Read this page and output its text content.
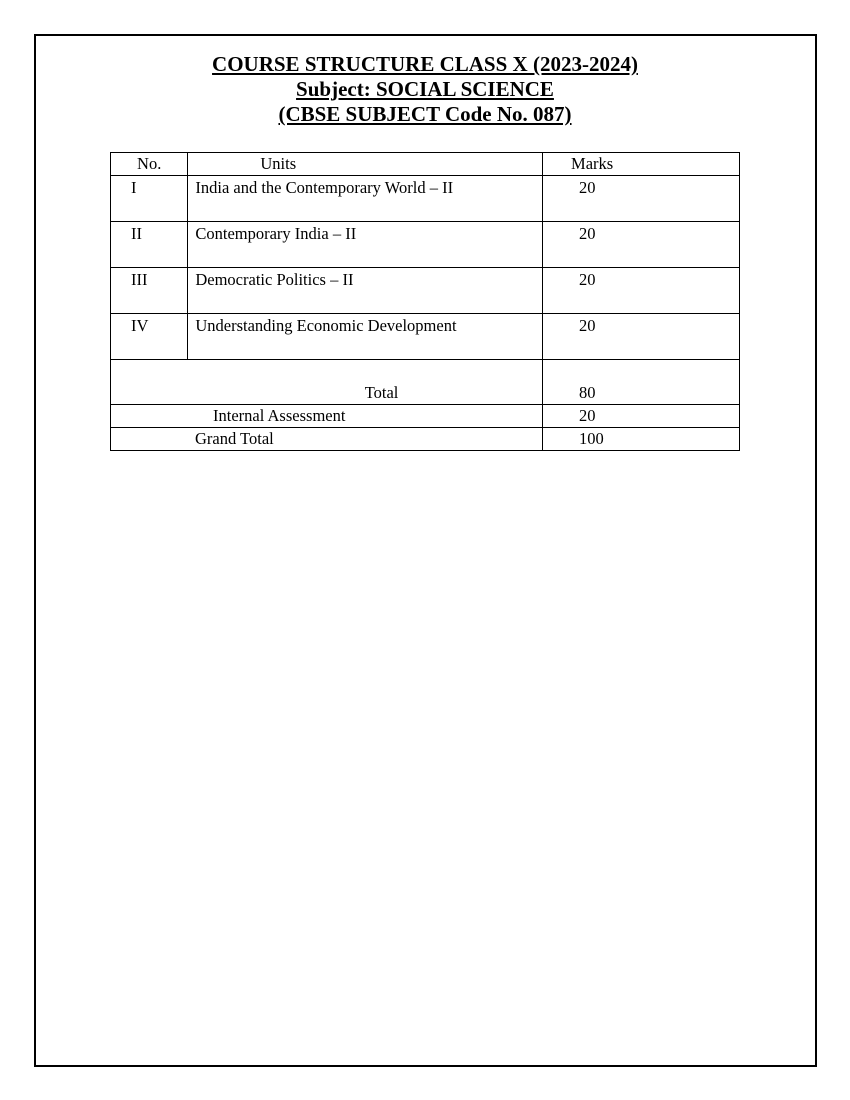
COURSE STRUCTURE CLASS X (2023-2024)
Subject: SOCIAL SCIENCE
(CBSE SUBJECT Code No. 087)
No.	Units	Marks
I	India and the Contemporary World – II	20
II	Contemporary India – II	20
III	Democratic Politics – II	20
IV	Understanding Economic Development	20
Total		80
Internal Assessment		20
Grand Total		100
